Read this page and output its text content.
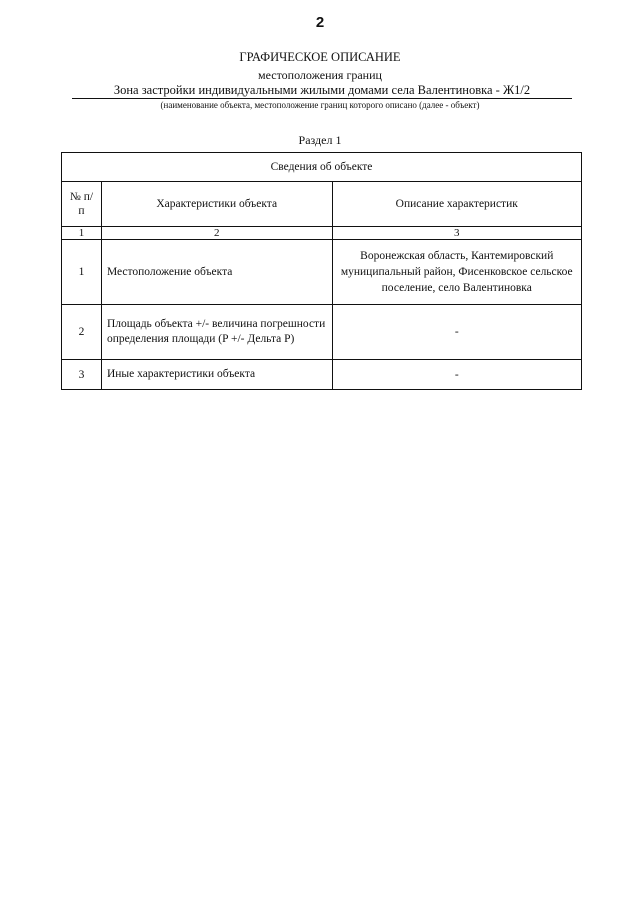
2
ГРАФИЧЕСКОЕ ОПИСАНИЕ
местоположения границ
Зона застройки индивидуальными жилыми домами села Валентиновка - Ж1/2
(наименование объекта, местоположение границ которого описано (далее - объект)
Раздел 1
Сведения об объекте		
№ п/п	Характеристики объекта	Описание характеристик
1	2	3
1	Местоположение объекта	Воронежская область, Кантемировский муниципальный район, Фисенковское сельское поселение, село Валентиновка
2	Площадь объекта +/- величина погрешности определения площади (P +/- Дельта P)	-
3	Иные характеристики объекта	-
